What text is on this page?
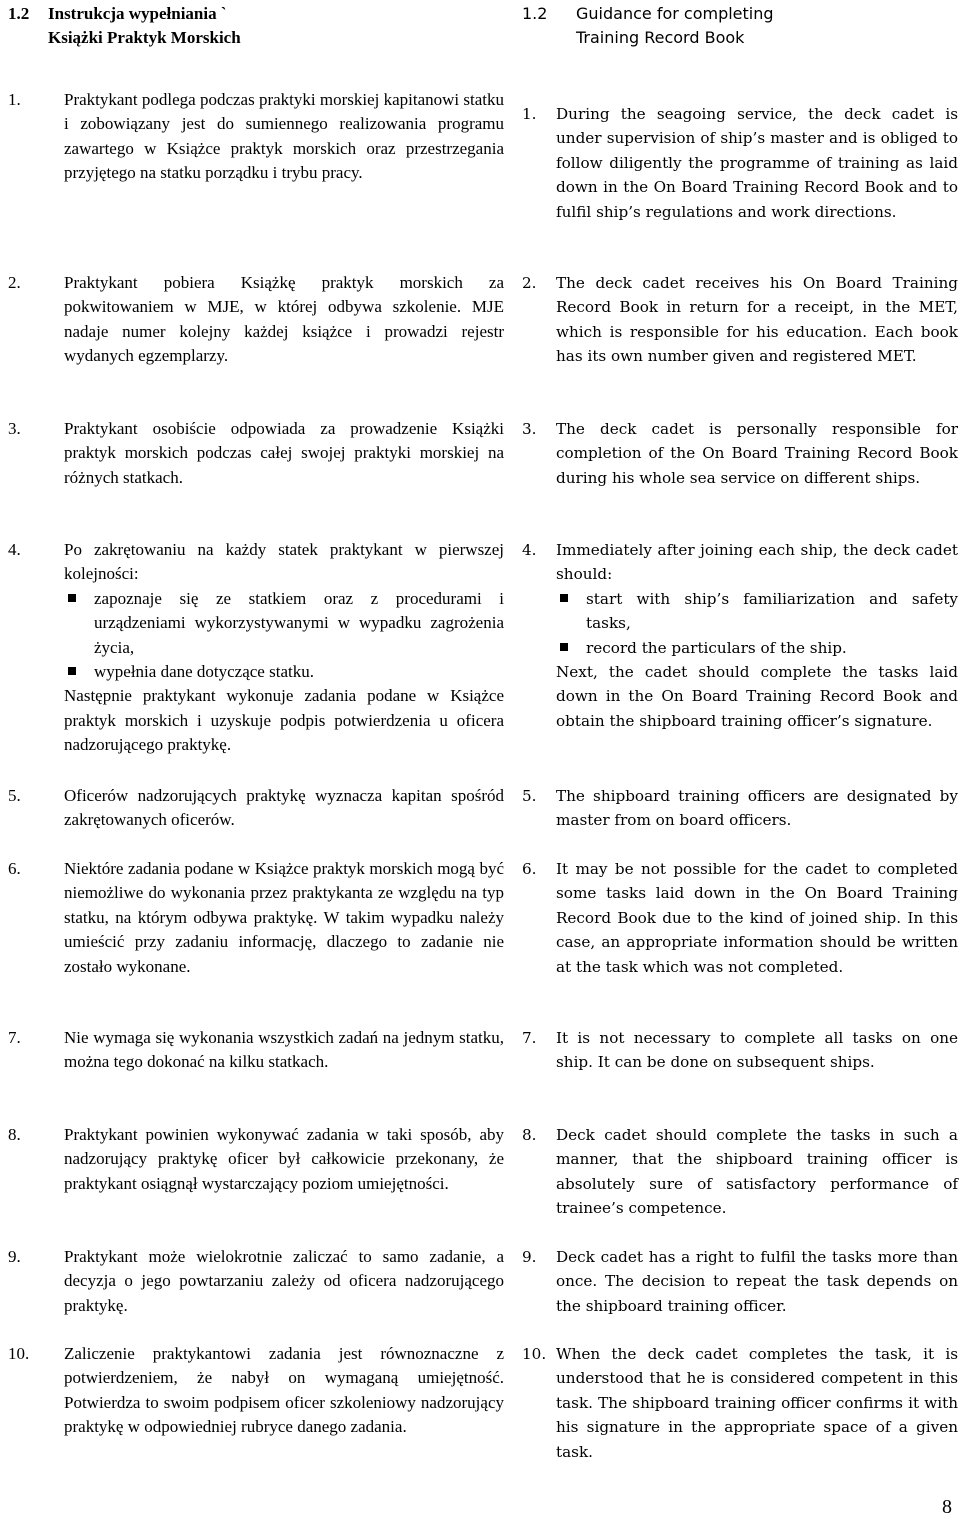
1.2	Instrukcja wypełniania `
Książki Praktyk Morskich
1.	Praktykant podlega podczas praktyki morskiej kapitanowi statku i zobowiązany jest do sumiennego realizowania programu zawartego w Książce praktyk morskich oraz przestrzegania przyjętego na statku porządku i trybu pracy.
2.	Praktykant pobiera Książkę praktyk morskich za pokwitowaniem w MJE, w której odbywa szkolenie. MJE nadaje numer kolejny każdej książce i prowadzi rejestr wydanych egzemplarzy.
3.	Praktykant osobiście odpowiada za prowadzenie Książki praktyk morskich podczas całej swojej praktyki morskiej na różnych statkach.
4.	Po zakrętowaniu na każdy statek praktykant w pierwszej kolejności:

zapoznaje się ze statkiem oraz z procedurami i urządzeniami wykorzystywanymi w wypadku zagrożenia życia,
wypełnia dane dotyczące statku.

Następnie praktykant wykonuje zadania podane w Książce praktyk morskich i uzyskuje podpis potwierdzenia u oficera nadzorującego praktykę.

5.	Oficerów nadzorujących praktykę wyznacza kapitan spośród zakrętowanych oficerów.
6.	Niektóre zadania podane w Książce praktyk morskich mogą być niemożliwe do wykonania przez praktykanta ze względu na typ statku, na którym odbywa praktykę. W takim wypadku należy umieścić przy zadaniu informację, dlaczego to zadanie nie zostało wykonane.
7.	Nie wymaga się wykonania wszystkich zadań na jednym statku, można tego dokonać na kilku statkach.
8.	Praktykant powinien wykonywać zadania w taki sposób, aby nadzorujący praktykę oficer był całkowicie przekonany, że praktykant osiągnął wystarczający poziom umiejętności.
9.	Praktykant może wielokrotnie zaliczać to samo zadanie, a decyzja o jego powtarzaniu zależy od oficera nadzorującego praktykę.
10.	Zaliczenie praktykantowi zadania jest równoznaczne z potwierdzeniem, że nabył on wymaganą umiejętność. Potwierdza to swoim podpisem oficer szkoleniowy nadzorujący praktykę w odpowiedniej rubryce danego zadania.
1.2	Guidance for completing
Training Record Book
1.	During the seagoing service, the deck cadet is under supervision of ship’s master and is obliged to follow diligently the programme of training as laid down in the On Board Training Record Book and to fulfil ship’s regulations and work directions.
2.	The deck cadet receives his On Board Training Record Book in return for a receipt, in the MET, which is responsible for his education. Each book has its own number given and registered MET.
3.	The deck cadet is personally responsible for completion of the On Board Training Record Book during his whole sea service on different ships.
4.	Immediately after joining each ship, the deck cadet should:

start with ship’s familiarization and safety tasks,
record the particulars of the ship.

Next, the cadet should complete the tasks laid down in the On Board Training Record Book and obtain the shipboard training officer’s signature.

5.	The shipboard training officers are designated by master from on board officers.
6.	It may be not possible for the cadet to completed some tasks laid down in the On Board Training Record Book due to the kind of joined ship. In this case, an appropriate information should be written at the task which was not completed.
7.	It is not necessary to complete all tasks on one ship. It can be done on subsequent ships.
8.	Deck cadet should complete the tasks in such a manner, that the shipboard training officer is absolutely sure of satisfactory performance of trainee’s competence.
9.	Deck cadet has a right to fulfil the tasks more than once. The decision to repeat the task depends on the shipboard training officer.
10. When the deck cadet completes the task, it is understood that he is considered competent in this task. The shipboard training officer confirms it with his signature in the appropriate space of a given task.
8
